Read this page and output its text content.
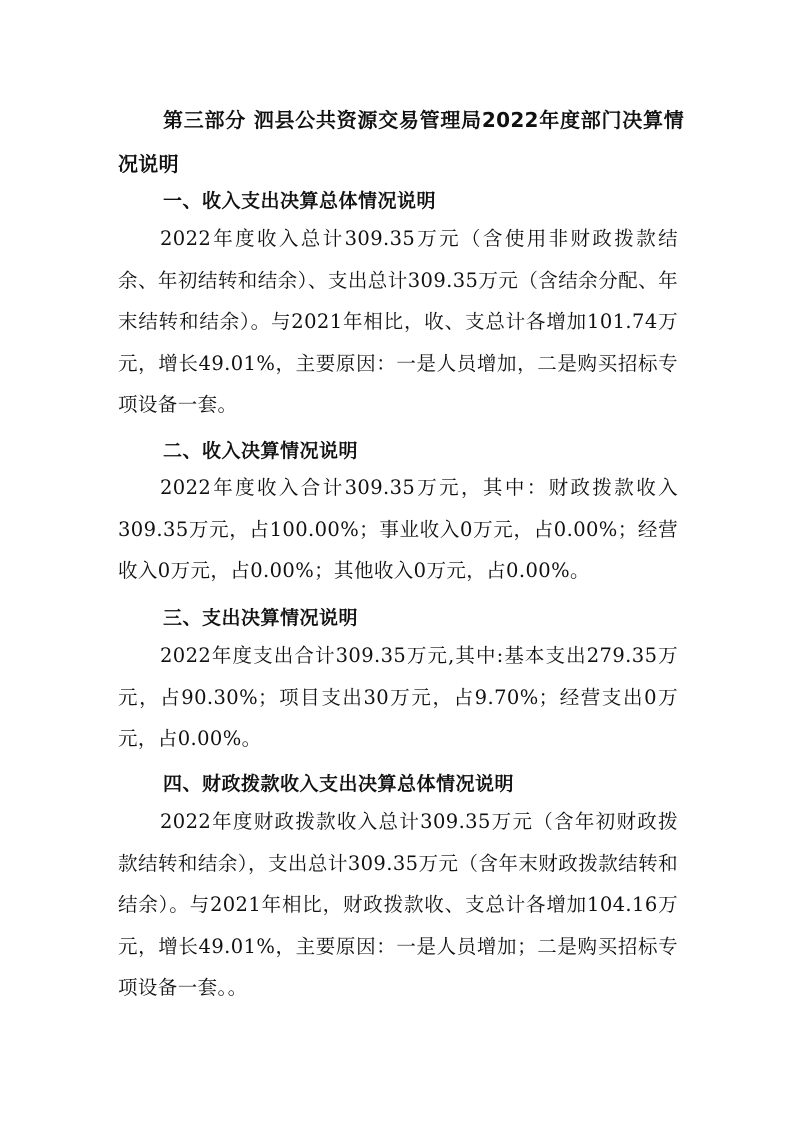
第三部分 泗县公共资源交易管理局2022年度部门决算情况说明
一、收入支出决算总体情况说明

2022年度收入总计309.35万元（含使用非财政拨款结余、年初结转和结余）、支出总计309.35万元（含结余分配、年末结转和结余）。与2021年相比，收、支总计各增加101.74万元，增长49.01%，主要原因：一是人员增加，二是购买招标专项设备一套。

二、收入决算情况说明

2022年度收入合计309.35万元，其中：财政拨款收入309.35万元，占100.00%；事业收入0万元，占0.00%；经营收入0万元，占0.00%；其他收入0万元，占0.00%。

三、支出决算情况说明

2022年度支出合计309.35万元,其中:基本支出279.35万元，占90.30%；项目支出30万元，占9.70%；经营支出0万元，占0.00%。

四、财政拨款收入支出决算总体情况说明

2022年度财政拨款收入总计309.35万元（含年初财政拨款结转和结余），支出总计309.35万元（含年末财政拨款结转和结余）。与2021年相比，财政拨款收、支总计各增加104.16万元，增长49.01%，主要原因：一是人员增加；二是购买招标专项设备一套。。
